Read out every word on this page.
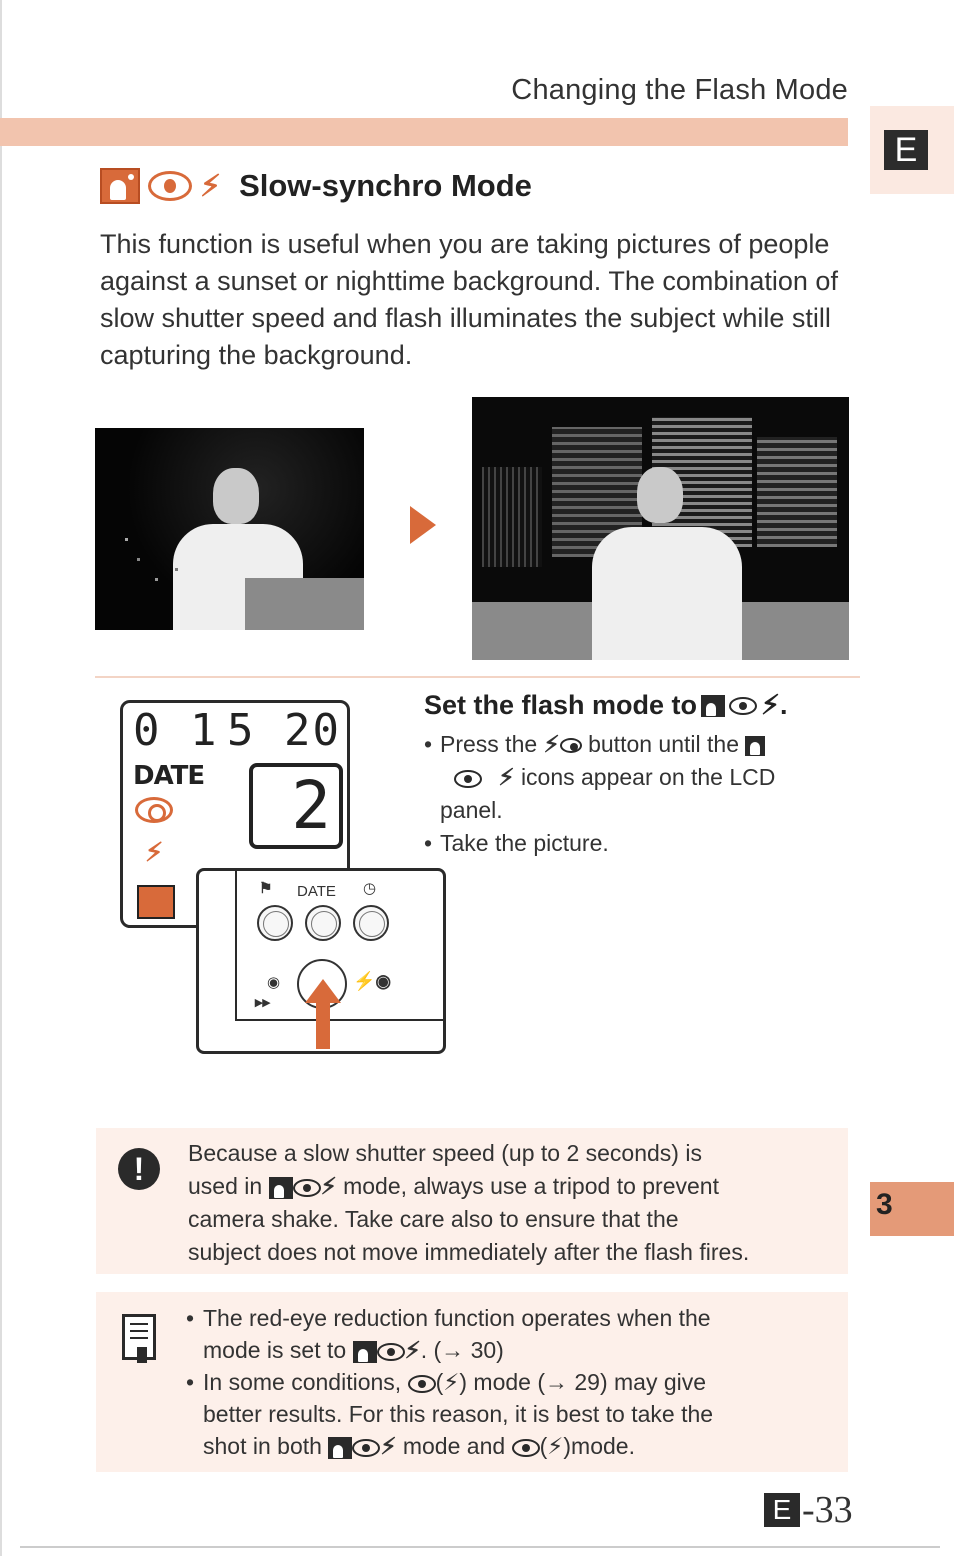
Changing the Flash Mode
E
⚡︎ Slow-synchro Mode
This function is useful when you are taking pictures of people against a sunset or nighttime background. The combination of slow shutter speed and flash illuminates the subject while still capturing the background.
0 1 5 20
DATE	2
⚡︎
⚑ DATE ◷
◉
▸▸
⚡◉
Set the flash mode to ⚡︎.
• Press the ⚡︎ button until the
⚡︎ icons appear on the LCD
panel.
• Take the picture.
!	Because a slow shutter speed (up to 2 seconds) is
used in	⚡︎ mode, always use a tripod to prevent
camera shake. Take care also to ensure that the
subject does not move immediately after the flash fires.
• The red-eye reduction function operates when the
mode is set to	⚡︎. (→ 30)
• In some conditions, (⚡︎) mode (→ 29) may give
better results. For this reason, it is best to take the
shot in both	⚡︎ mode and (⚡︎)mode.
3
E -33
